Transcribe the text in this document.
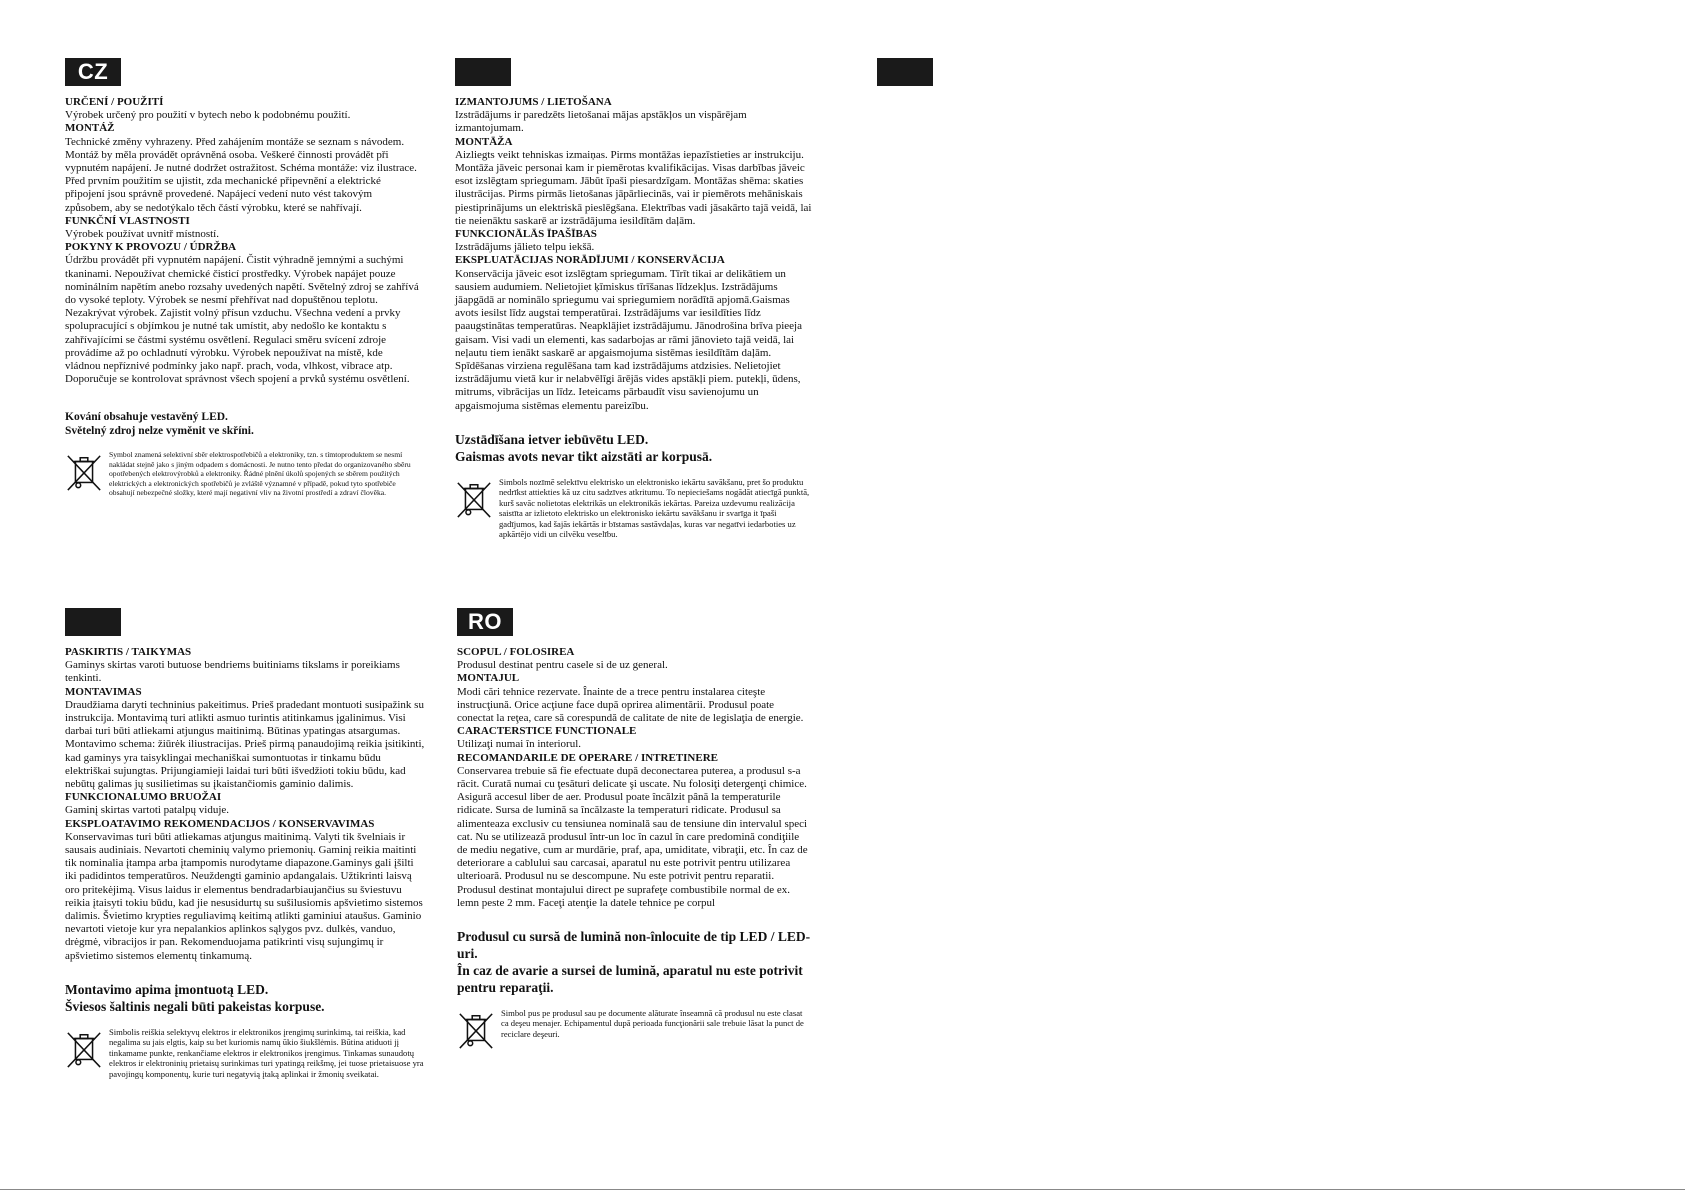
CZ
URČENÍ / POUŽITÍ
Výrobek určený pro použití v bytech nebo k podobnému použití.
MONTÁŽ
Technické změny vyhrazeny. Před zahájením montáže se seznam s návodem. Montáž by měla provádět oprávněná osoba. Veškeré činnosti provádět při vypnutém napájení. Je nutné dodržet ostražitost. Schéma montáže: viz ilustrace. Před prvním použitím se ujistit, zda mechanické připevnění a elektrické připojení jsou správně provedené. Napájecí vedení nuto vést takovým způsobem, aby se nedotýkalo těch částí výrobku, které se nahřívají.
FUNKČNÍ VLASTNOSTI
Výrobek používat uvnitř místností.
POKYNY K PROVOZU / ÚDRŽBA
Údržbu provádět při vypnutém napájení. Čistit výhradně jemnými a suchými tkaninami. Nepoužívat chemické čisticí prostředky. Výrobek napájet pouze nominálním napětím anebo rozsahy uvedených napětí. Světelný zdroj se zahřívá do vysoké teploty. Výrobek se nesmí přehřívat nad dopuštěnou teplotu. Nezakrývat výrobek. Zajistit volný přísun vzduchu. Všechna vedení a prvky spolupracující s objímkou je nutné tak umístit, aby nedošlo ke kontaktu s zahřívajícími se částmi systému osvětlení. Regulaci směru svícení zdroje provádíme až po ochladnutí výrobku. Výrobek nepoužívat na místě, kde vládnou nepříznivé podmínky jako např. prach, voda, vlhkost, vibrace atp. Doporučuje se kontrolovat správnost všech spojení a prvků systému osvětlení.
Kování obsahuje vestavěný LED.
Světelný zdroj nelze vyměnit ve skříni.
Symbol znamená selektivní sběr elektrospotřebičů a elektroniky, tzn. s tímtoproduktem se nesmí nakládat stejně jako s jiným odpadem s domácnosti. Je nutno tento předat do organizovaného sběru opotřebených elektrovýrobků a elektroniky. Řádné plnění úkolů spojených se sběrem použitých elektrických a elektronických spotřebičů je zvláště významné v případě, pokud tyto spotřebiče obsahují nebezpečné složky, které mají negativní vliv na životní prostředí a zdraví člověka.
IZMANTOJUMS / LIETOŠANA
Izstrādājums ir paredzēts lietošanai mājas apstākļos un vispārējam izmantojumam.
MONTĀŽA
Aizliegts veikt tehniskas izmaiņas. Pirms montāžas iepazīstieties ar instrukciju. Montāža jāveic personai kam ir piemērotas kvalifikācijas. Visas darbības jāveic esot izslēgtam spriegumam. Jābūt īpaši piesardzīgam. Montāžas shēma: skaties ilustrācijas. Pirms pirmās lietošanas jāpārliecinās, vai ir piemērots mehāniskais piestiprinājums un elektriskā pieslēgšana. Elektrības vadi jāsakārto tajā veidā, lai tie neienāktu saskarē ar izstrādājuma iesildītām daļām.
FUNKCIONĀLĀS ĪPAŠĪBAS
Izstrādājums jālieto telpu iekšā.
EKSPLUATĀCIJAS NORĀDĪJUMI / KONSERVĀCIJA
Konservācija jāveic esot izslēgtam spriegumam. Tīrīt tikai ar delikātiem un sausiem audumiem. Nelietojiet ķīmiskus tīrīšanas līdzekļus. Izstrādājums jāapgādā ar nominālo spriegumu vai spriegumiem norādītā apjomā.Gaismas avots iesilst līdz augstai temperatūrai. Izstrādājums var iesildīties līdz paaugstinātas temperatūras. Neapklājiet izstrādājumu. Jānodrošina brīva pieeja gaisam. Visi vadi un elementi, kas sadarbojas ar rāmi jānovieto tajā veidā, lai neļautu tiem ienākt saskarē ar apgaismojuma sistēmas iesildītām daļām. Spīdēšanas virziena regulēšana tam kad izstrādājums atdzisies. Nelietojiet izstrādājumu vietā kur ir nelabvēlīgi ārējās vides apstākļi piem. putekļi, ūdens, mitrums, vibrācijas un līdz. Ieteicams pārbaudīt visu savienojumu un apgaismojuma sistēmas elementu pareizību.
Uzstādīšana ietver iebūvētu LED.
Gaismas avots nevar tikt aizstāti ar korpusā.
Simbols nozīmē selektīvu elektrisko un elektronisko iekārtu savākšanu, pret šo produktu nedrīkst attiekties kā uz citu sadzīves atkritumu. To nepieciešams nogādāt atiecīgā punktā, kurš savāc nolietotas elektrikās un elektronikās iekārtas. Pareiza uzdevumu realizācija saistīta ar izlietoto elektrisko un elektronisko iekārtu savākšanu ir svarīga it īpaši gadījumos, kad šajās iekārtās ir bīstamas sastāvdaļas, kuras var negatīvi iedarboties uz apkārtējo vidi un cilvēku veselību.
PASKIRTIS / TAIKYMAS
Gaminys skirtas varoti butuose bendriems buitiniams tikslams ir poreikiams tenkinti.
MONTAVIMAS
Draudžiama daryti techninius pakeitimus. Prieš pradedant montuoti susipažink su instrukcija. Montavimą turi atlikti asmuo turintis atitinkamus įgalinimus. Visi darbai turi būti atliekami atjungus maitinimą. Būtinas ypatingas atsargumas. Montavimo schema: žiūrėk iliustracijas. Prieš pirmą panaudojimą reikia įsitikinti, kad gaminys yra taisyklingai mechaniškai sumontuotas ir tinkamu būdu elektriškai sujungtas. Prijungiamieji laidai turi būti išvedžioti tokiu būdu, kad nebūtų galimas jų susilietimas su įkaistančiomis gaminio dalimis.
FUNKCIONALUMO BRUOŽAI
Gaminį skirtas vartoti patalpų viduje.
EKSPLOATAVIMO REKOMENDACIJOS / KONSERVAVIMAS
Konservavimas turi būti atliekamas atjungus maitinimą. Valyti tik švelniais ir sausais audiniais. Nevartoti cheminių valymo priemonių. Gaminį reikia maitinti tik nominalia įtampa arba įtampomis nurodytame diapazone.Gaminys gali įšilti iki padidintos temperatūros. Neuždengti gaminio apdangalais. Užtikrinti laisvą oro pritekėjimą. Visus laidus ir elementus bendradarbiaujančius su šviestuvu reikia įtaisyti tokiu būdu, kad jie nesusidurtų su sušilusiomis apšvietimo sistemos dalimis. Švietimo krypties reguliavimą keitimą atlikti gaminiui ataušus. Gaminio nevartoti vietoje kur yra nepalankios aplinkos sąlygos pvz. dulkės, vanduo, drėgmė, vibracijos ir pan. Rekomenduojama patikrinti visų sujungimų ir apšvietimo sistemos elementų tinkamumą.
Montavimo apima įmontuotą LED.
Šviesos šaltinis negali būti pakeistas korpuse.
Simbolis reiškia selektyvų elektros ir elektronikos įrengimų surinkimą, tai reiškia, kad negalima su jais elgtis, kaip su bet kuriomis namų ūkio šiukšlėmis. Būtina atiduoti jį tinkamame punkte, renkančiame elektros ir elektronikos įrengimus. Tinkamas sunaudotų elektros ir elektroninių prietaisų surinkimas turi ypatingą reikšmę, jei tuose prietaisuose yra pavojingų komponentų, kurie turi negatyvią įtaką aplinkai ir žmonių sveikatai.
RO
SCOPUL / FOLOSIREA
Produsul destinat pentru casele si de uz general.
MONTAJUL
Modi cări tehnice rezervate. Înainte de a trece pentru instalarea citeşte instrucţiună. Orice acţiune face după oprirea alimentării. Produsul poate conectat la reţea, care să corespundă de calitate de nite de legislaţia de energie.
CARACTERSTICE FUNCTIONALE
Utilizaţi numai în interiorul.
RECOMANDARILE DE OPERARE / INTRETINERE
Conservarea trebuie să fie efectuate după deconectarea puterea, a produsul s-a răcit. Curată numai cu ţesături delicate şi uscate. Nu folosiţi detergenţi chimice. Asigură accesul liber de aer. Produsul poate încălzit până la temperaturile ridicate. Sursa de lumină sa încălzaste la temperaturi ridicate. Produsul sa alimenteaza exclusiv cu tensiunea nominală sau de tensiune din intervalul speci cat. Nu se utilizează produsul într-un loc în cazul în care predomină condiţiile de mediu negative, cum ar murdărie, praf, apa, umiditate, vibraţii, etc. În caz de deteriorare a cablului sau carcasai, aparatul nu este potrivit pentru utilizarea ulterioară. Produsul nu se descompune. Nu este potrivit pentru reparatii. Produsul destinat montajului direct pe suprafeţe combustibile normal de ex. lemn peste 2 mm. Faceţi atenţie la datele tehnice pe corpul
Produsul cu sursă de lumină non-înlocuite de tip LED / LED-uri.
În caz de avarie a sursei de lumină, aparatul nu este potrivit pentru reparaţii.
Simbol pus pe produsul sau pe documente alăturate înseamnă că produsul nu este clasat ca deşeu menajer. Echipamentul după perioada funcţionării sale trebuie lăsat la punct de reciclare deşeuri.
